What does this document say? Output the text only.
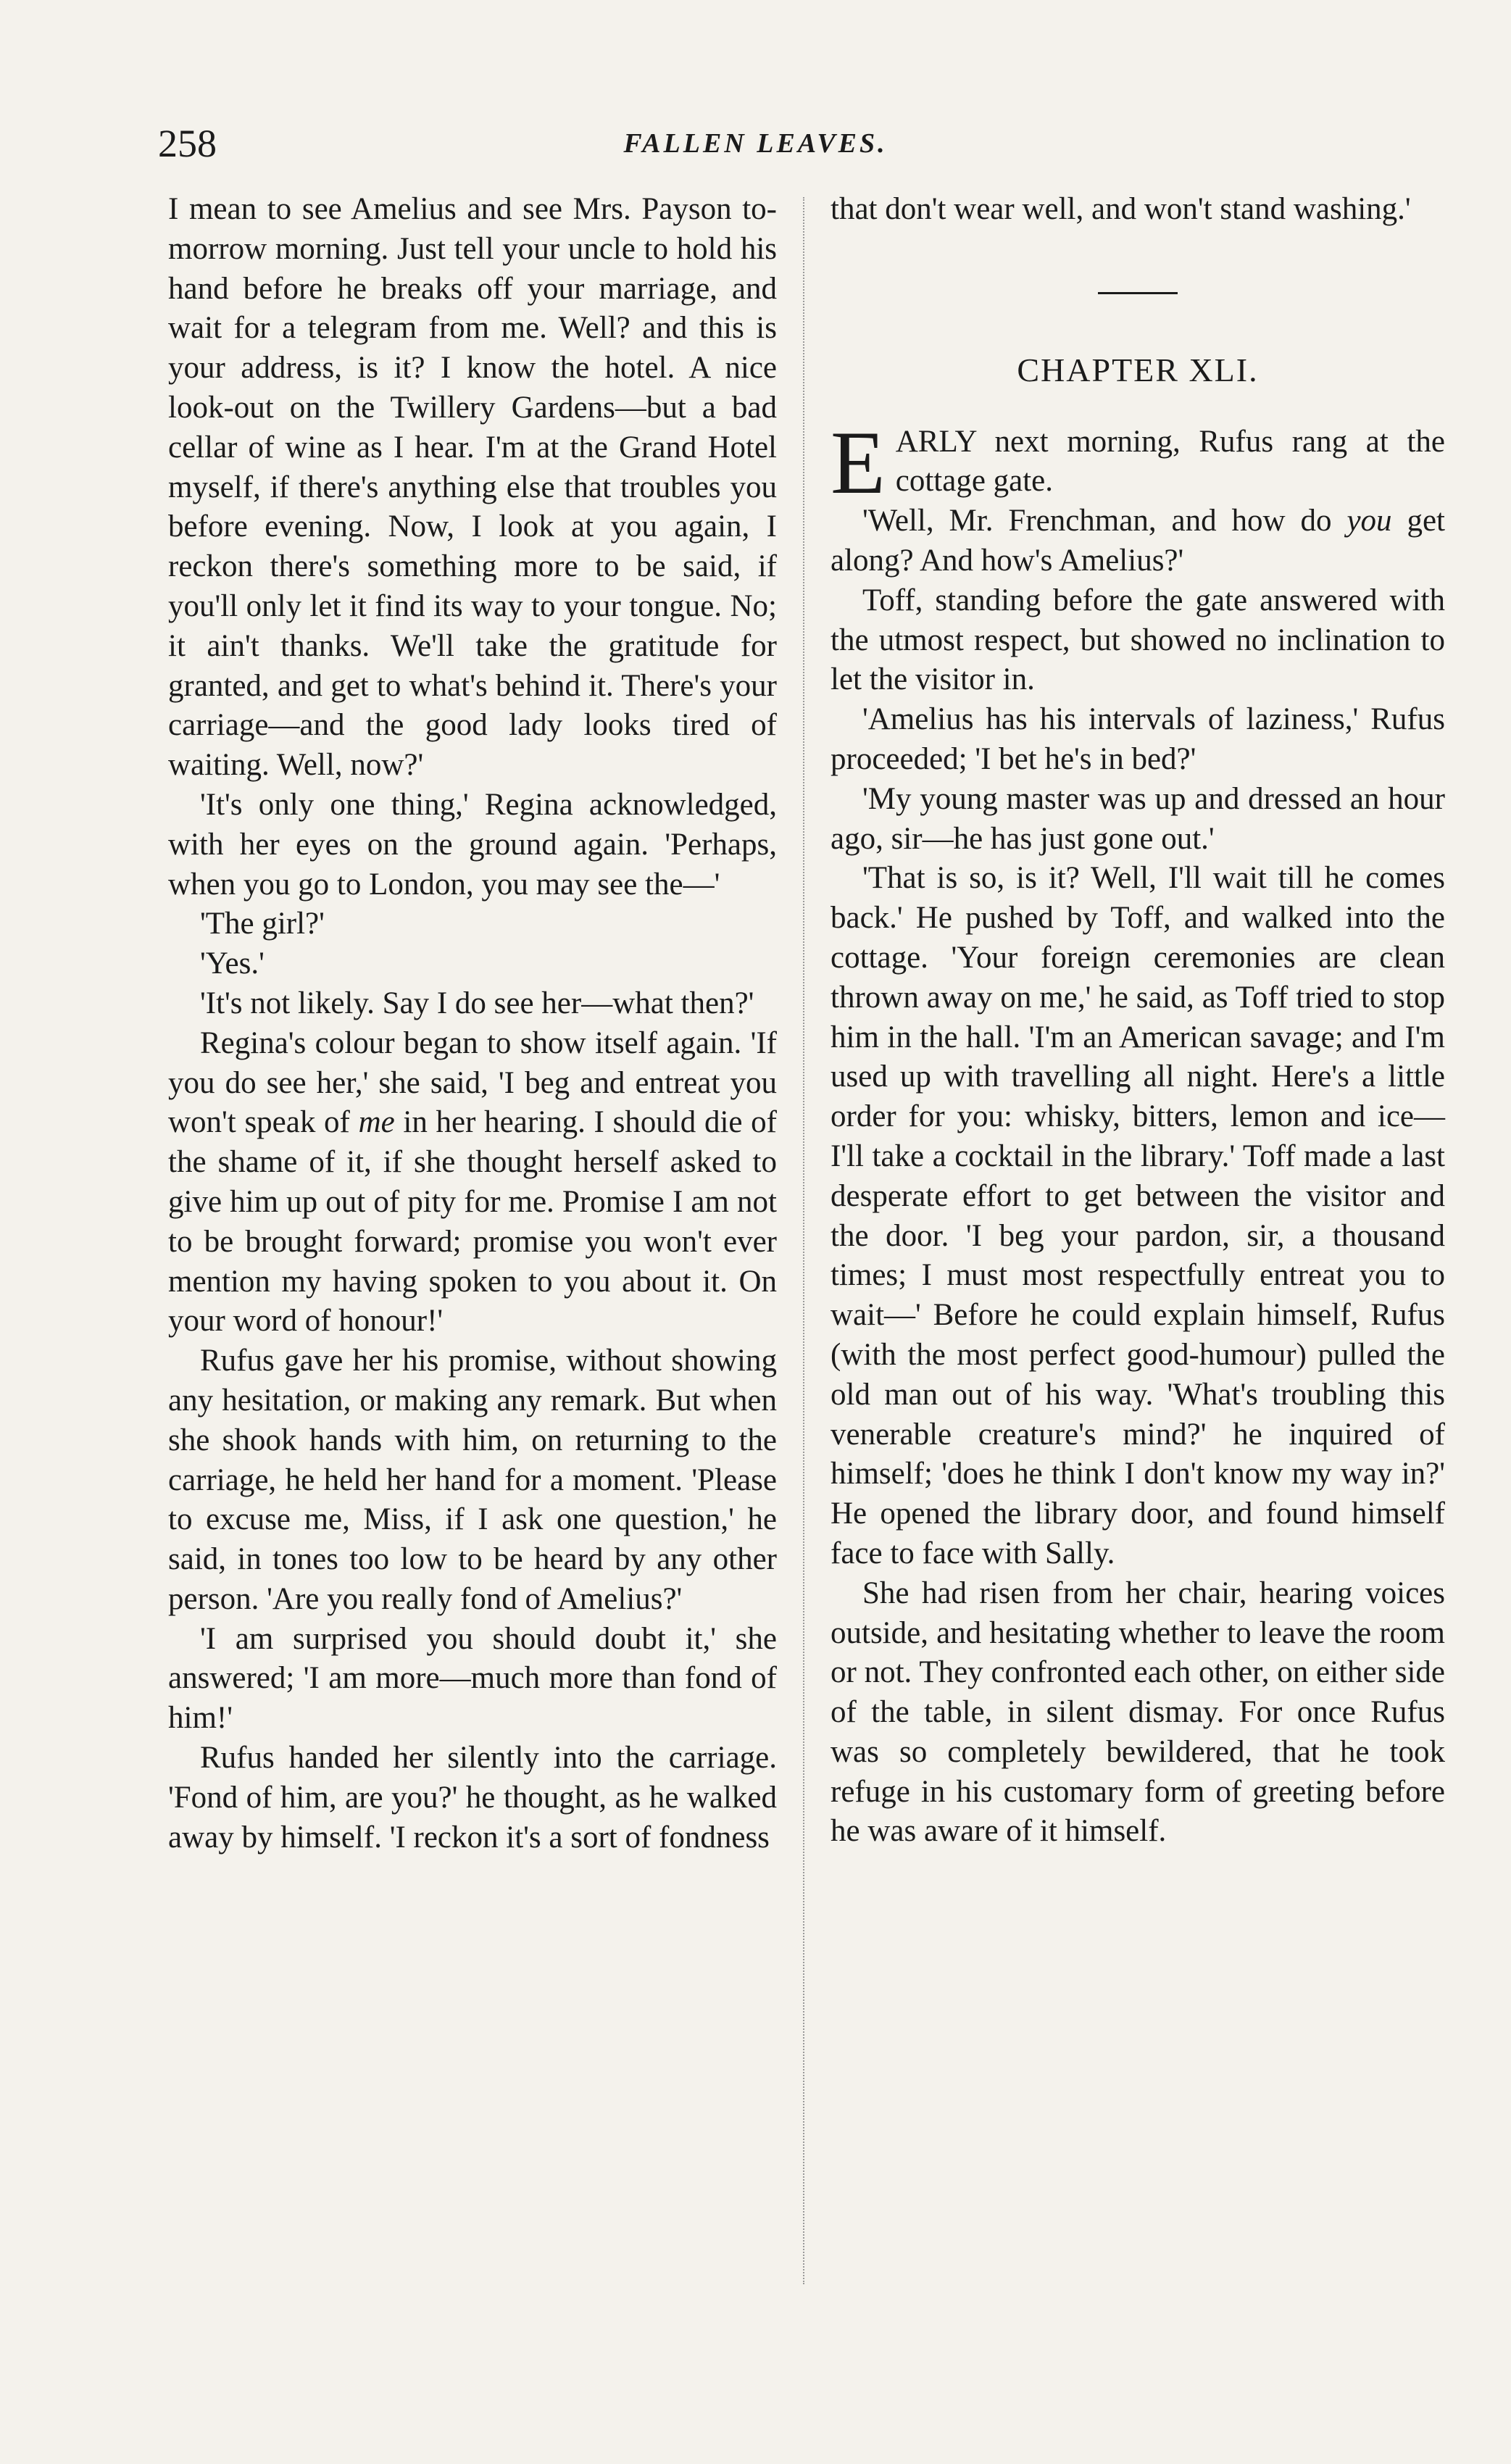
258	FALLEN LEAVES.

I mean to see Amelius and see Mrs. Payson to-morrow morning. Just tell your uncle to hold his hand before he breaks off your marriage, and wait for a telegram from me. Well? and this is your address, is it? I know the hotel. A nice look-out on the Twillery Gardens—but a bad cellar of wine as I hear. I'm at the Grand Hotel myself, if there's anything else that troubles you before evening. Now, I look at you again, I reckon there's something more to be said, if you'll only let it find its way to your tongue. No; it ain't thanks. We'll take the gratitude for granted, and get to what's behind it. There's your carriage—and the good lady looks tired of waiting. Well, now?'

'It's only one thing,' Regina acknowledged, with her eyes on the ground again. 'Perhaps, when you go to London, you may see the—'

'The girl?'

'Yes.'

'It's not likely. Say I do see her—what then?'

Regina's colour began to show itself again. 'If you do see her,' she said, 'I beg and entreat you won't speak of me in her hearing. I should die of the shame of it, if she thought herself asked to give him up out of pity for me. Promise I am not to be brought forward; promise you won't ever mention my having spoken to you about it. On your word of honour!'

Rufus gave her his promise, without showing any hesitation, or making any remark. But when she shook hands with him, on returning to the carriage, he held her hand for a moment. 'Please to excuse me, Miss, if I ask one question,' he said, in tones too low to be heard by any other person. 'Are you really fond of Amelius?'

'I am surprised you should doubt it,' she answered; 'I am more—much more than fond of him!'

Rufus handed her silently into the carriage. 'Fond of him, are you?' he thought, as he walked away by himself. 'I reckon it's a sort of fondness

that don't wear well, and won't stand washing.'

CHAPTER XLI.

EARLY next morning, Rufus rang at the cottage gate.

'Well, Mr. Frenchman, and how do you get along? And how's Amelius?'

Toff, standing before the gate answered with the utmost respect, but showed no inclination to let the visitor in.

'Amelius has his intervals of laziness,' Rufus proceeded; 'I bet he's in bed?'

'My young master was up and dressed an hour ago, sir—he has just gone out.'

'That is so, is it? Well, I'll wait till he comes back.' He pushed by Toff, and walked into the cottage. 'Your foreign ceremonies are clean thrown away on me,' he said, as Toff tried to stop him in the hall. 'I'm an American savage; and I'm used up with travelling all night. Here's a little order for you: whisky, bitters, lemon and ice—I'll take a cocktail in the library.' Toff made a last desperate effort to get between the visitor and the door. 'I beg your pardon, sir, a thousand times; I must most respectfully entreat you to wait—' Before he could explain himself, Rufus (with the most perfect good-humour) pulled the old man out of his way. 'What's troubling this venerable creature's mind?' he inquired of himself; 'does he think I don't know my way in?' He opened the library door, and found himself face to face with Sally.

She had risen from her chair, hearing voices outside, and hesitating whether to leave the room or not. They confronted each other, on either side of the table, in silent dismay. For once Rufus was so completely bewildered, that he took refuge in his customary form of greeting before he was aware of it himself.
